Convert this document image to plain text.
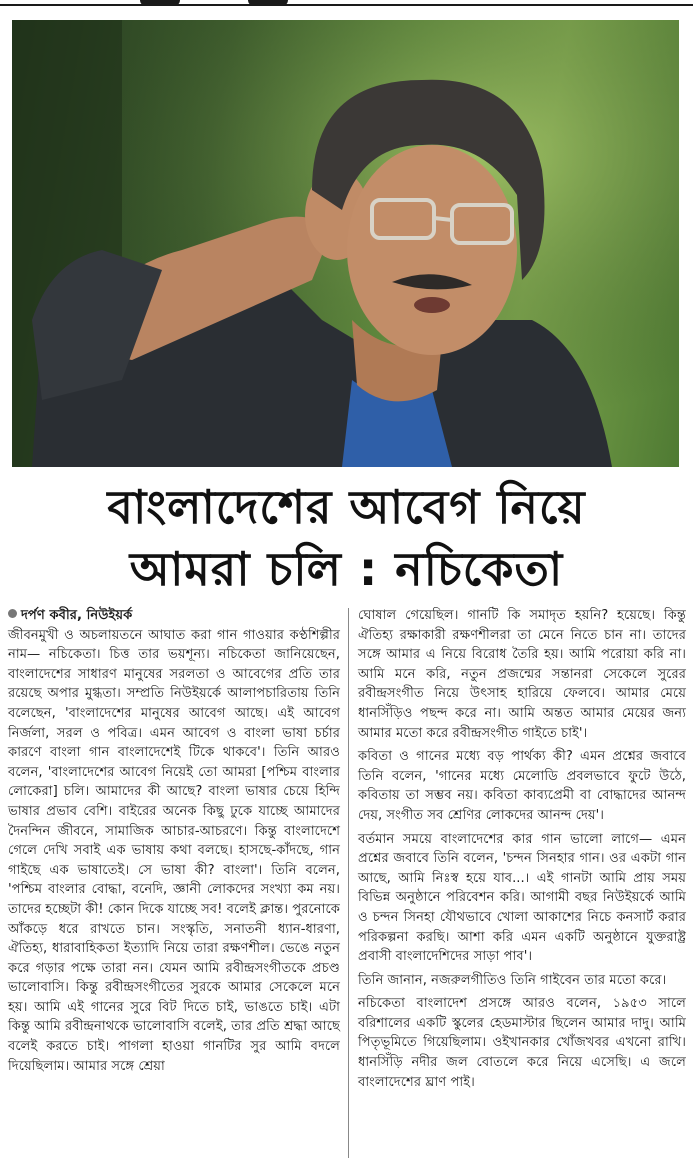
বাংলাদেশের আবেগ নিয়ে
আমরা চলি : নচিকেতা
দর্পণ কবীর, নিউইয়র্ক

জীবনমুখী ও অচলায়তনে আঘাত করা গান গাওয়ার কণ্ঠশিল্পীর নাম— নচিকেতা। চিত্ত তার ভয়শূন্য। নচিকেতা জানিয়েছেন, বাংলাদেশের সাধারণ মানুষের সরলতা ও আবেগের প্রতি তার রয়েছে অপার মুগ্ধতা। সম্প্রতি নিউইয়র্কে আলাপচারিতায় তিনি বলেছেন, 'বাংলাদেশের মানুষের আবেগ আছে। এই আবেগ নির্জলা, সরল ও পবিত্র। এমন আবেগ ও বাংলা ভাষা চর্চার কারণে বাংলা গান বাংলাদেশেই টিকে থাকবে'। তিনি আরও বলেন, 'বাংলাদেশের আবেগ নিয়েই তো আমরা [পশ্চিম বাংলার লোকেরা] চলি। আমাদের কী আছে? বাংলা ভাষার চেয়ে হিন্দি ভাষার প্রভাব বেশি। বাইরের অনেক কিছু ঢুকে যাচ্ছে আমাদের দৈনন্দিন জীবনে, সামাজিক আচার-আচরণে। কিন্তু বাংলাদেশে গেলে দেখি সবাই এক ভাষায় কথা বলছে। হাসছে-কাঁদছে, গান গাইছে এক ভাষাতেই। সে ভাষা কী? বাংলা'। তিনি বলেন, 'পশ্চিম বাংলার বোদ্ধা, বনেদি, জ্ঞানী লোকদের সংখ্যা কম নয়। তাদের হচ্ছেটা কী! কোন দিকে যাচ্ছে সব! বলেই ক্লান্ত। পুরনোকে আঁকড়ে ধরে রাখতে চান। সংস্কৃতি, সনাতনী ধ্যান-ধারণা, ঐতিহ্য, ধারাবাহিকতা ইত্যাদি নিয়ে তারা রক্ষণশীল। ভেঙে নতুন করে গড়ার পক্ষে তারা নন। যেমন আমি রবীন্দ্রসংগীতকে প্রচণ্ড ভালোবাসি। কিন্তু রবীন্দ্রসংগীতের সুরকে আমার সেকেলে মনে হয়। আমি এই গানের সুরে বিট দিতে চাই, ভাঙতে চাই। এটা কিন্তু আমি রবীন্দ্রনাথকে ভালোবাসি বলেই, তার প্রতি শ্রদ্ধা আছে বলেই করতে চাই। পাগলা হাওয়া গানটির সুর আমি বদলে দিয়েছিলাম। আমার সঙ্গে শ্রেয়া

ঘোষাল গেয়েছিল। গানটি কি সমাদৃত হয়নি? হয়েছে। কিন্তু ঐতিহ্য রক্ষাকারী রক্ষণশীলরা তা মেনে নিতে চান না। তাদের সঙ্গে আমার এ নিয়ে বিরোধ তৈরি হয়। আমি পরোয়া করি না। আমি মনে করি, নতুন প্রজন্মের সন্তানরা সেকেলে সুরের রবীন্দ্রসংগীত নিয়ে উৎসাহ হারিয়ে ফেলবে। আমার মেয়ে ধানসিঁড়িও পছন্দ করে না। আমি অন্তত আমার মেয়ের জন্য আমার মতো করে রবীন্দ্রসংগীত গাইতে চাই'।

কবিতা ও গানের মধ্যে বড় পার্থক্য কী? এমন প্রশ্নের জবাবে তিনি বলেন, 'গানের মধ্যে মেলোডি প্রবলভাবে ফুটে উঠে, কবিতায় তা সম্ভব নয়। কবিতা কাব্যপ্রেমী বা বোদ্ধাদের আনন্দ দেয়, সংগীত সব শ্রেণির লোকদের আনন্দ দেয়'।

বর্তমান সময়ে বাংলাদেশের কার গান ভালো লাগে— এমন প্রশ্নের জবাবে তিনি বলেন, 'চন্দন সিনহার গান। ওর একটা গান আছে, আমি নিঃস্ব হয়ে যাব...। এই গানটা আমি প্রায় সময় বিভিন্ন অনুষ্ঠানে পরিবেশন করি। আগামী বছর নিউইয়র্কে আমি ও চন্দন সিনহা যৌথভাবে খোলা আকাশের নিচে কনসার্ট করার পরিকল্পনা করছি। আশা করি এমন একটি অনুষ্ঠানে যুক্তরাষ্ট্র প্রবাসী বাংলাদেশিদের সাড়া পাব'।

তিনি জানান, নজরুলগীতিও তিনি গাইবেন তার মতো করে।

নচিকেতা বাংলাদেশ প্রসঙ্গে আরও বলেন, ১৯৫৩ সালে বরিশালের একটি স্কুলের হেডমাস্টার ছিলেন আমার দাদু। আমি পিতৃভূমিতে গিয়েছিলাম। ওইখানকার খোঁজখবর এখনো রাখি। ধানসিঁড়ি নদীর জল বোতলে করে নিয়ে এসেছি। এ জলে বাংলাদেশের ঘ্রাণ পাই।
